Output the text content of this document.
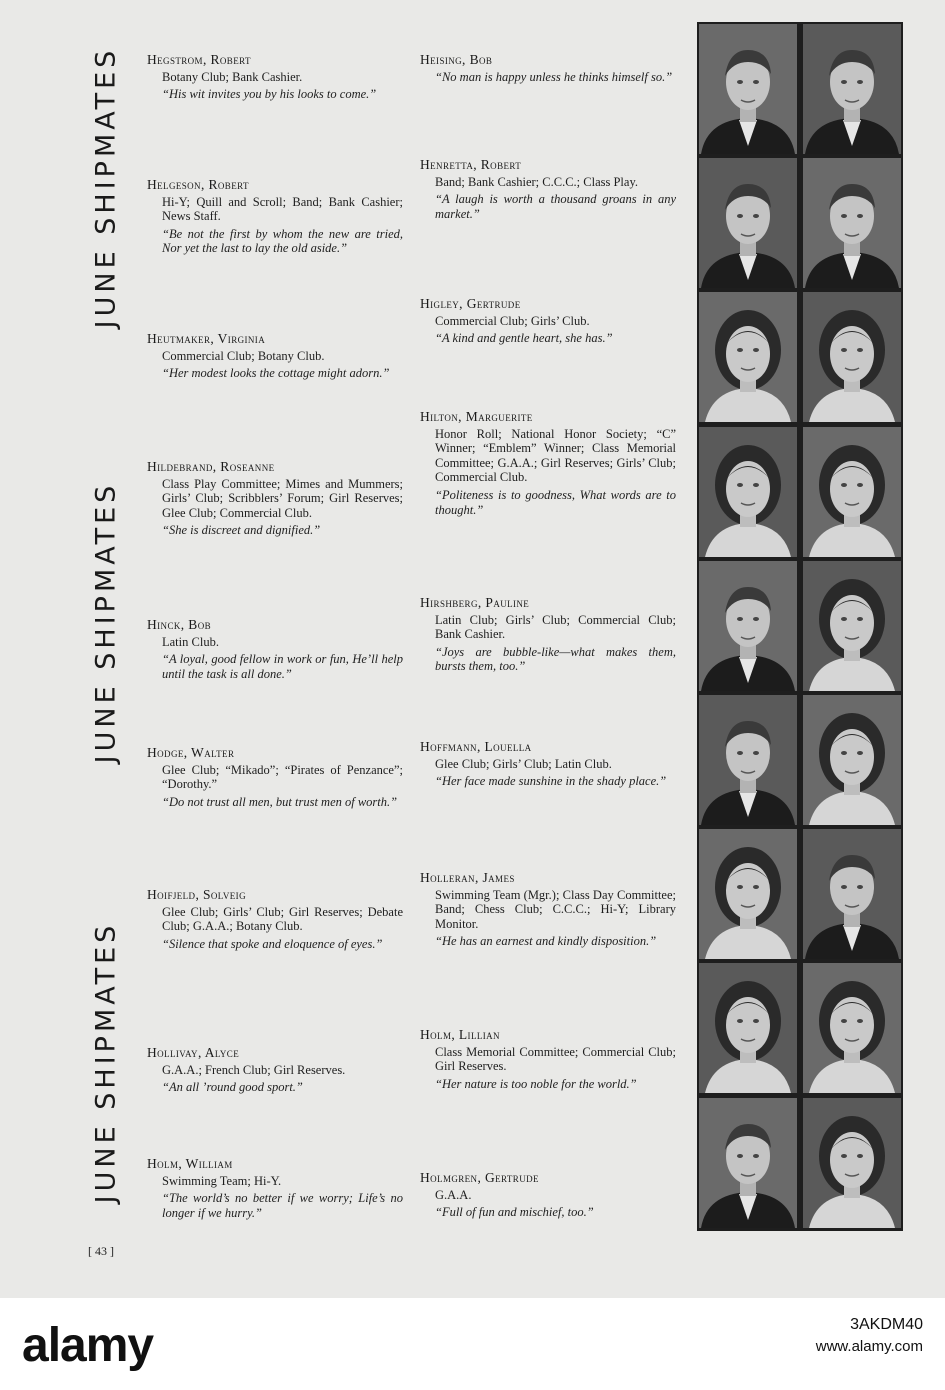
JUNE SHIPMATES
JUNE SHIPMATES
JUNE SHIPMATES
Hegstrom, Robert
Botany Club; Bank Cashier.
“His wit invites you by his looks to come.”
Helgeson, Robert
Hi-Y; Quill and Scroll; Band; Bank Cashier; News Staff.
“Be not the first by whom the new are tried, Nor yet the last to lay the old aside.”
Heutmaker, Virginia
Commercial Club; Botany Club.
“Her modest looks the cottage might adorn.”
Hildebrand, Roseanne
Class Play Committee; Mimes and Mummers; Girls’ Club; Scribblers’ Forum; Girl Reserves; Glee Club; Commercial Club.
“She is discreet and dignified.”
Hinck, Bob
Latin Club.
“A loyal, good fellow in work or fun, He’ll help until the task is all done.”
Hodge, Walter
Glee Club; “Mikado”; “Pirates of Penzance”; “Dorothy.”
“Do not trust all men, but trust men of worth.”
Hoifjeld, Solveig
Glee Club; Girls’ Club; Girl Reserves; Debate Club; G.A.A.; Botany Club.
“Silence that spoke and eloquence of eyes.”
Hollivay, Alyce
G.A.A.; French Club; Girl Reserves.
“An all ’round good sport.”
Holm, William
Swimming Team; Hi-Y.
“The world’s no better if we worry; Life’s no longer if we hurry.”
Heising, Bob
“No man is happy unless he thinks himself so.”
Henretta, Robert
Band; Bank Cashier; C.C.C.; Class Play.
“A laugh is worth a thousand groans in any market.”
Higley, Gertrude
Commercial Club; Girls’ Club.
“A kind and gentle heart, she has.”
Hilton, Marguerite
Honor Roll; National Honor Society; “C” Winner; “Emblem” Winner; Class Memorial Committee; G.A.A.; Girl Reserves; Girls’ Club; Commercial Club.
“Politeness is to goodness, What words are to thought.”
Hirshberg, Pauline
Latin Club; Girls’ Club; Commercial Club; Bank Cashier.
“Joys are bubble-like—what makes them, bursts them, too.”
Hoffmann, Louella
Glee Club; Girls’ Club; Latin Club.
“Her face made sunshine in the shady place.”
Holleran, James
Swimming Team (Mgr.); Class Day Committee; Band; Chess Club; C.C.C.; Hi-Y; Library Monitor.
“He has an earnest and kindly disposition.”
Holm, Lillian
Class Memorial Committee; Commercial Club; Girl Reserves.
“Her nature is too noble for the world.”
Holmgren, Gertrude
G.A.A.
“Full of fun and mischief, too.”
[ 43 ]
alamy	3AKDM40
www.alamy.com
